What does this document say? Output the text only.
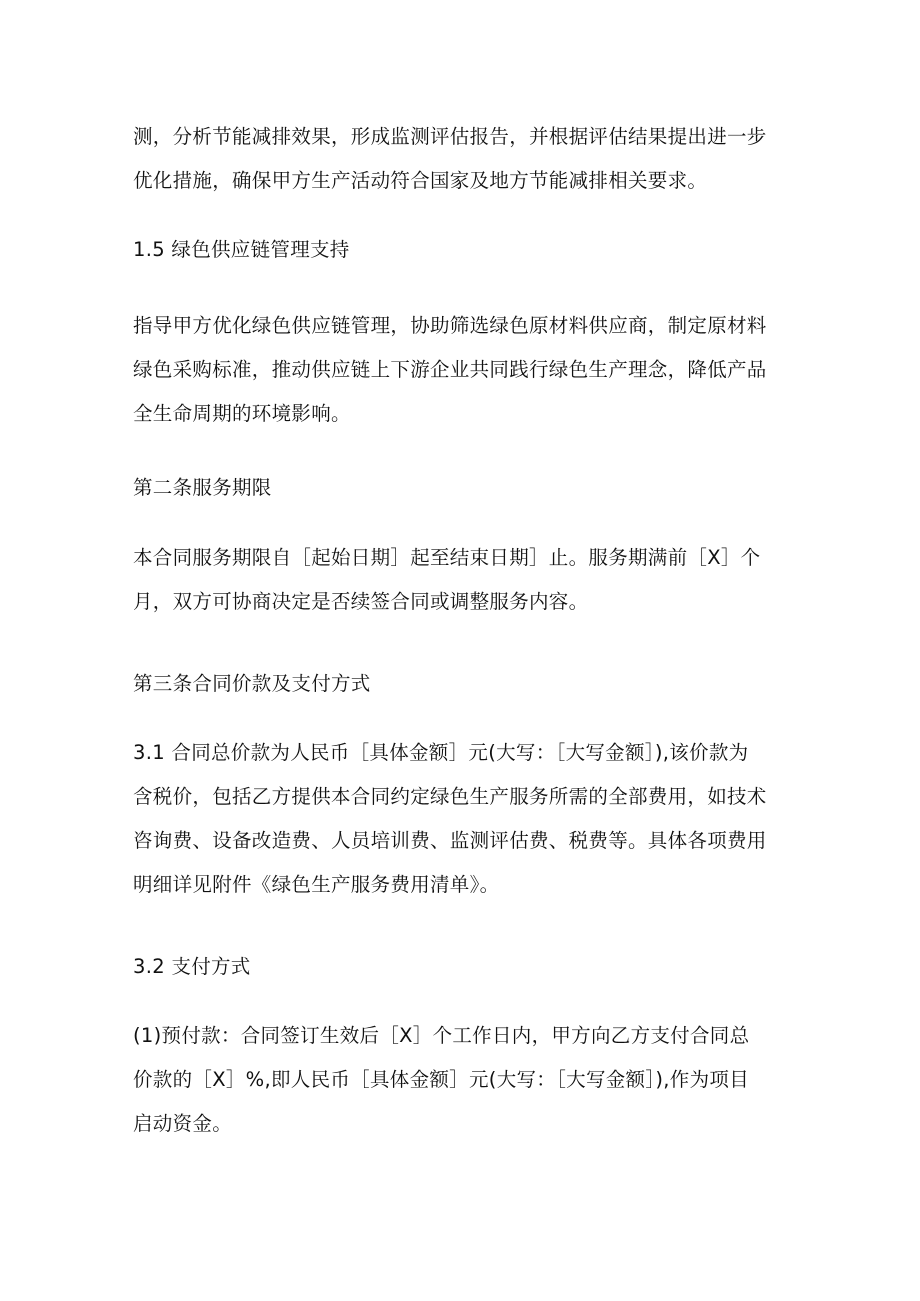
测，分析节能减排效果，形成监测评估报告，并根据评估结果提出进一步
优化措施，确保甲方生产活动符合国家及地方节能减排相关要求。
1.5 绿色供应链管理支持
指导甲方优化绿色供应链管理，协助筛选绿色原材料供应商，制定原材料
绿色采购标准，推动供应链上下游企业共同践行绿色生产理念，降低产品
全生命周期的环境影响。
第二条服务期限
本合同服务期限自［起始日期］起至结束日期］止。服务期满前［X］个
月，双方可协商决定是否续签合同或调整服务内容。
第三条合同价款及支付方式
3.1 合同总价款为人民币［具体金额］元(大写：［大写金额］),该价款为
含税价，包括乙方提供本合同约定绿色生产服务所需的全部费用，如技术
咨询费、设备改造费、人员培训费、监测评估费、税费等。具体各项费用
明细详见附件《绿色生产服务费用清单》。
3.2 支付方式
(1)预付款：合同签订生效后［X］个工作日内，甲方向乙方支付合同总
价款的［X］%,即人民币［具体金额］元(大写：［大写金额］),作为项目
启动资金。
